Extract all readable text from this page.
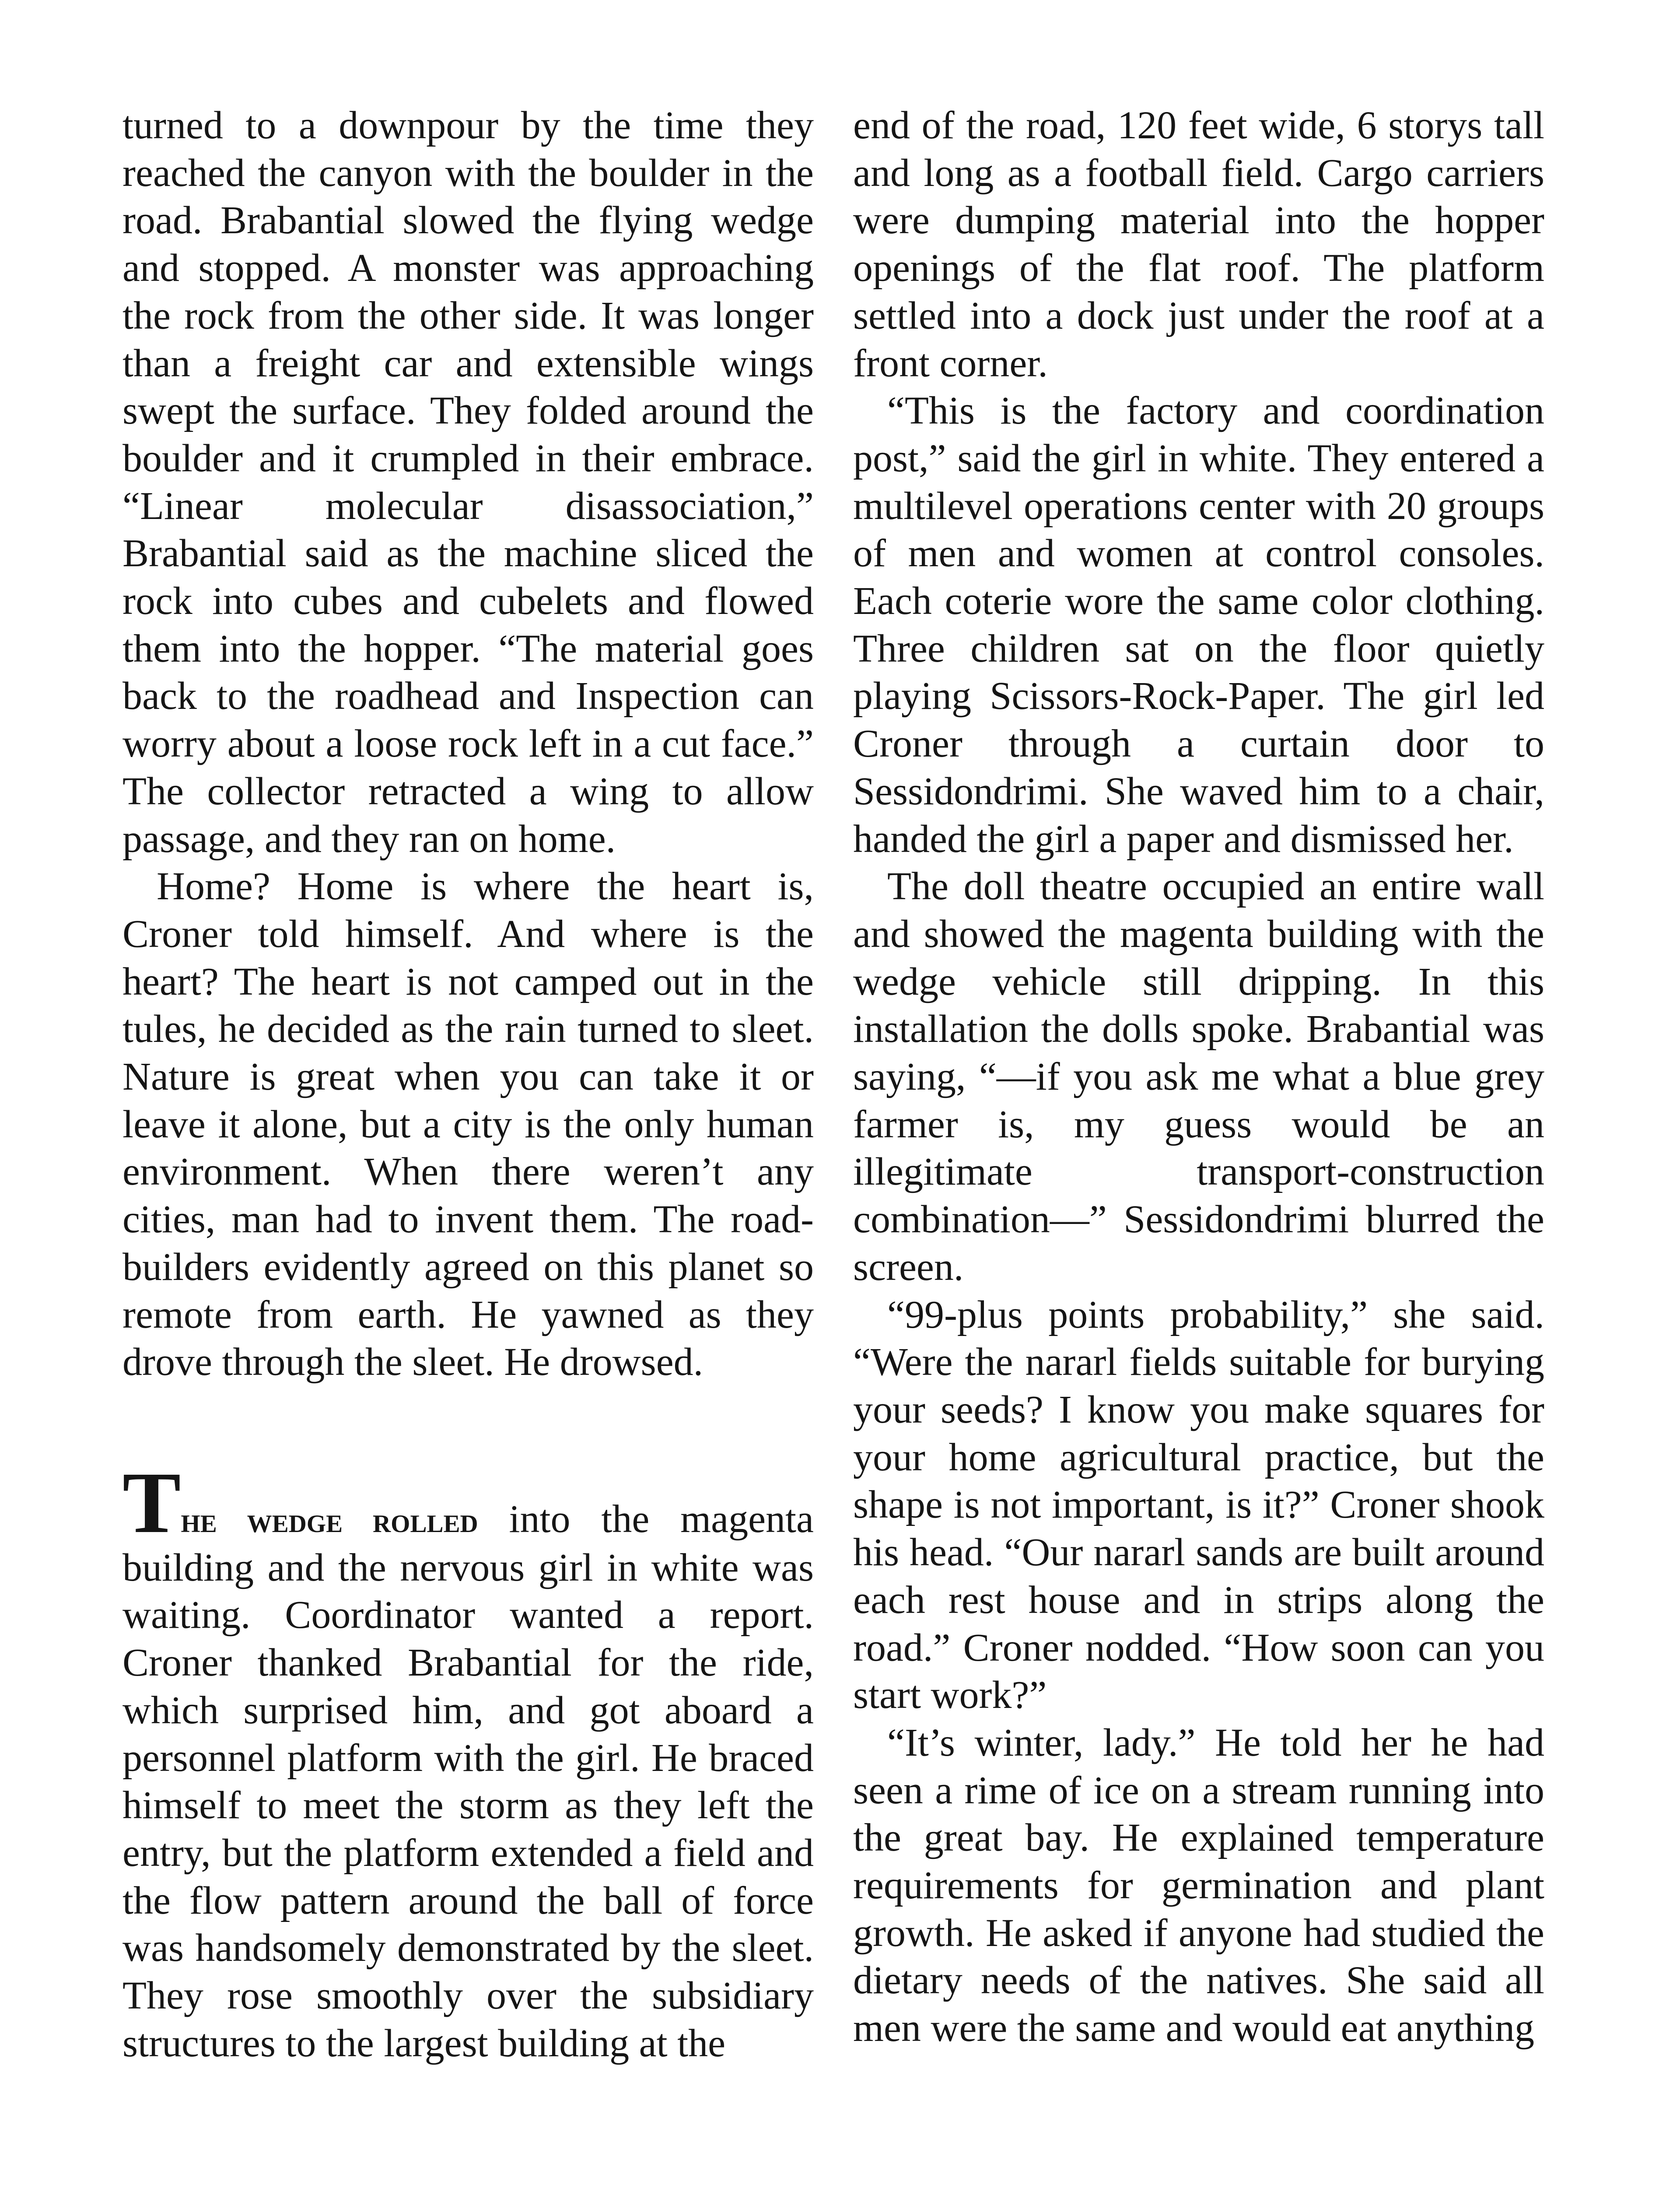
turned to a downpour by the time they reached the canyon with the boulder in the road. Brabantial slowed the flying wedge and stopped. A monster was approaching the rock from the other side. It was longer than a freight car and extensible wings swept the surface. They folded around the boulder and it crumpled in their embrace. “Linear molecular disassociation,” Brabantial said as the machine sliced the rock into cubes and cubelets and flowed them into the hopper. “The material goes back to the roadhead and Inspection can worry about a loose rock left in a cut face.” The collector retracted a wing to allow passage, and they ran on home.

Home? Home is where the heart is, Croner told himself. And where is the heart? The heart is not camped out in the tules, he decided as the rain turned to sleet. Nature is great when you can take it or leave it alone, but a city is the only human environment. When there weren’t any cities, man had to invent them. The road-builders evidently agreed on this planet so remote from earth. He yawned as they drove through the sleet. He drowsed.

The wedge rolled into the magenta building and the nervous girl in white was waiting. Coordinator wanted a report. Croner thanked Brabantial for the ride, which surprised him, and got aboard a personnel platform with the girl. He braced himself to meet the storm as they left the entry, but the platform extended a field and the flow pattern around the ball of force was handsomely demonstrated by the sleet. They rose smoothly over the subsidiary structures to the largest building at the

end of the road, 120 feet wide, 6 storys tall and long as a football field. Cargo carriers were dumping material into the hopper openings of the flat roof. The platform settled into a dock just under the roof at a front corner.

“This is the factory and coordination post,” said the girl in white. They entered a multilevel operations center with 20 groups of men and women at control consoles. Each coterie wore the same color clothing. Three children sat on the floor quietly playing Scissors-Rock-Paper. The girl led Croner through a curtain door to Sessidondrimi. She waved him to a chair, handed the girl a paper and dismissed her.

The doll theatre occupied an entire wall and showed the magenta building with the wedge vehicle still dripping. In this installation the dolls spoke. Brabantial was saying, “—if you ask me what a blue grey farmer is, my guess would be an illegitimate transport-construction combination—” Sessidondrimi blurred the screen.

“99-plus points probability,” she said. “Were the nararl fields suitable for burying your seeds? I know you make squares for your home agricultural practice, but the shape is not important, is it?” Croner shook his head. “Our nararl sands are built around each rest house and in strips along the road.” Croner nodded. “How soon can you start work?”

“It’s winter, lady.” He told her he had seen a rime of ice on a stream running into the great bay. He explained temperature requirements for germination and plant growth. He asked if anyone had studied the dietary needs of the natives. She said all men were the same and would eat anything
